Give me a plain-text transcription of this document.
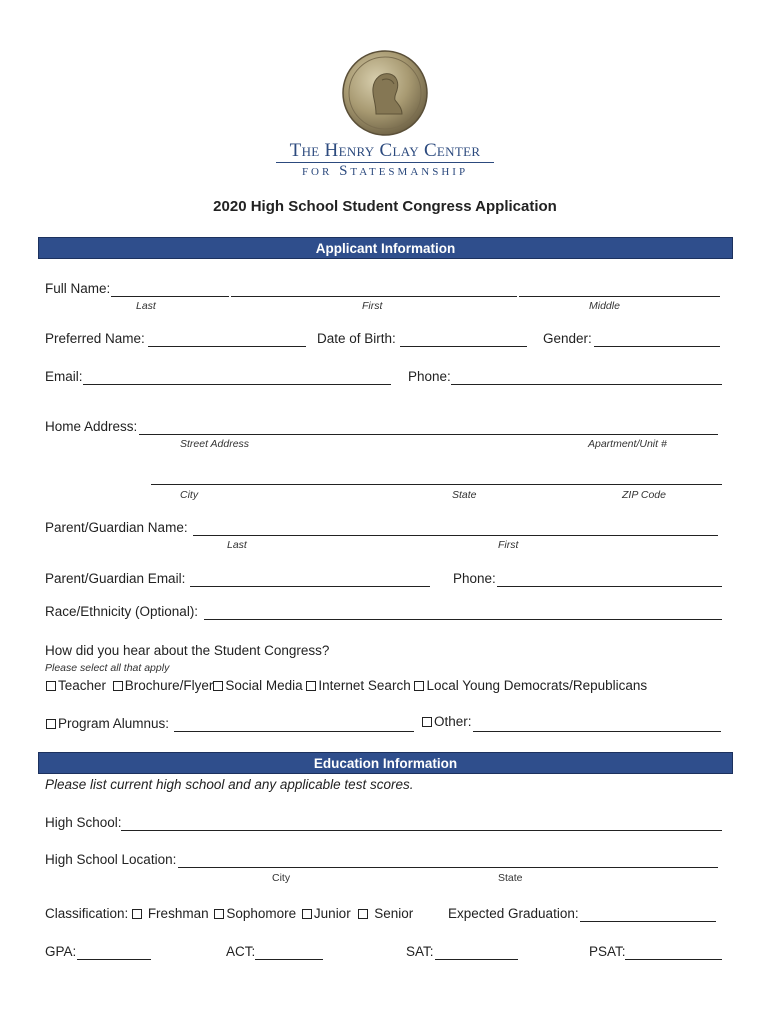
The Henry Clay Center
for Statesmanship
2020 High School Student Congress Application
Applicant Information
Full Name:
Last	First	Middle
Preferred Name:	Date of Birth:	Gender:
Email:	Phone:
Home Address:
Street Address	Apartment/Unit #
City	State	ZIP Code
Parent/Guardian Name:
Last	First
Parent/Guardian Email:	Phone:
Race/Ethnicity (Optional):
How did you hear about the Student Congress?
Please select all that apply
Teacher Brochure/Flyer Social Media Internet Search Local Young Democrats/Republicans
Program Alumnus:	Other:
Education Information
Please list current high school and any applicable test scores.
High School:
High School Location:
City	State
Classification: Freshman Sophomore Junior Senior	Expected Graduation:
GPA:	ACT:	SAT:	PSAT:
